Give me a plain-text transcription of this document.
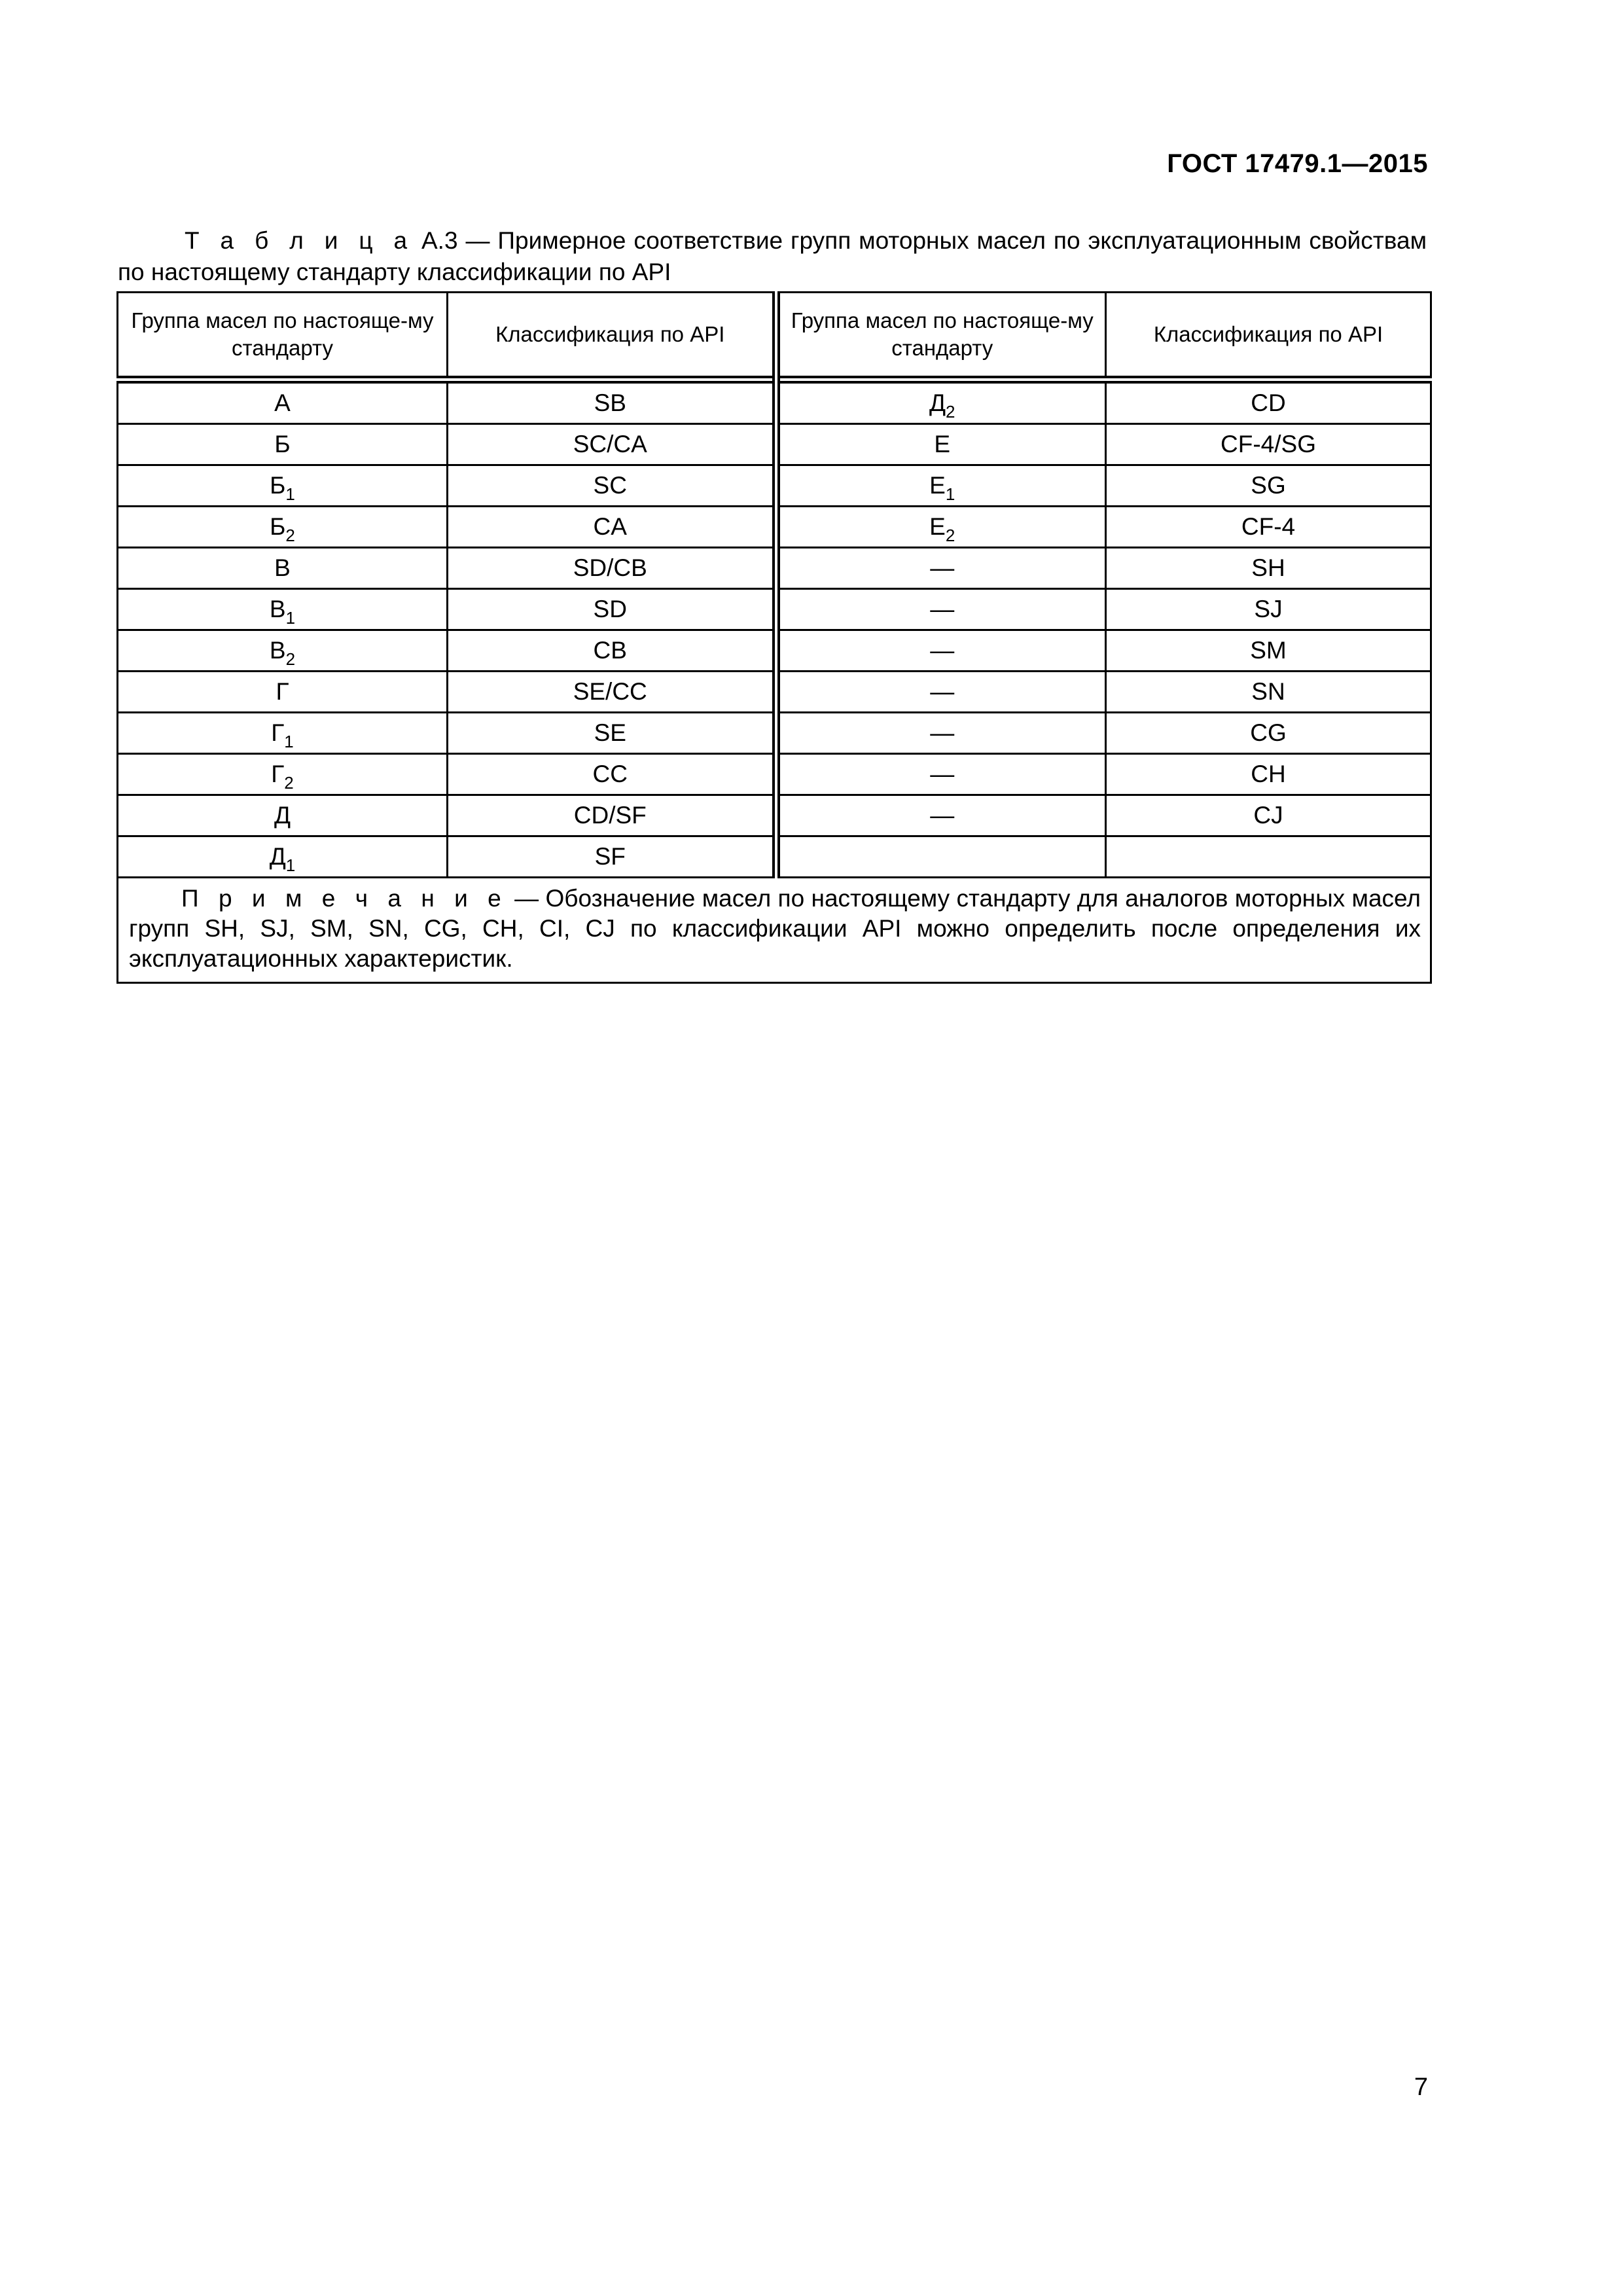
ГОСТ 17479.1—2015
Т а б л и ц а А.3 — Примерное соответствие групп моторных масел по эксплуатационным свойствам по настоящему стандарту классификации по API
Группа масел по настояще-му стандарту	Классификация по API	Группа масел по настояще-му стандарту	Классификация по API
А	SB	$Д_2$	CD
Б	SC/CA	Е	CF-4/SG
$Б_1$	SC	$Е_1$	SG
$Б_2$	CA	$Е_2$	CF-4
В	SD/CB	—	SH
$В_1$	SD	—	SJ
$В_2$	CB	—	SM
Г	SE/CC	—	SN
$Г_1$	SE	—	CG
$Г_2$	CC	—	CH
Д	CD/SF	—	CJ
$Д_1$	SF		
П р и м е ч а н и е — Обозначение масел по настоящему стандарту для аналогов моторных масел групп SH, SJ, SM, SN, CG, CH, CI, CJ по классификации API можно определить после определения их эксплуатационных характеристик.			
7
